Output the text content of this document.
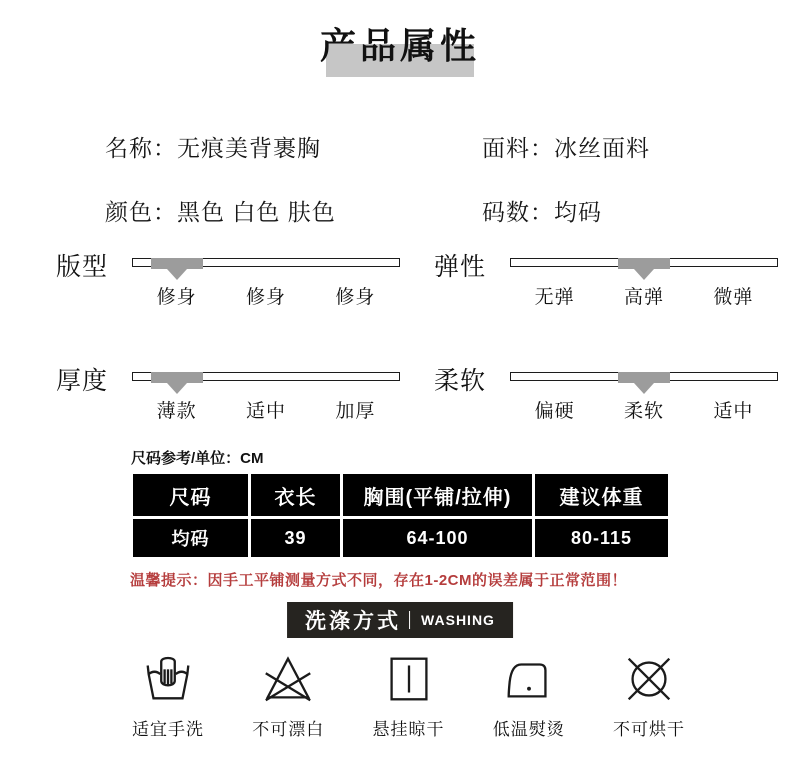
产品属性
名称：无痕美背裹胸	面料：冰丝面料
颜色：黑色 白色 肤色	码数：均码
版型
修身	修身	修身
弹性
无弹	高弹	微弹
厚度
薄款	适中	加厚
柔软
偏硬	柔软	适中
尺码参考/单位：CM
尺码	衣长	胸围(平铺/拉伸)	建议体重
均码	39	64-100	80-115
温馨提示：因手工平铺测量方式不同，存在1-2CM的误差属于正常范围！
洗涤方式 WASHING
适宜手洗	不可漂白	悬挂晾干	低温熨烫	不可烘干
